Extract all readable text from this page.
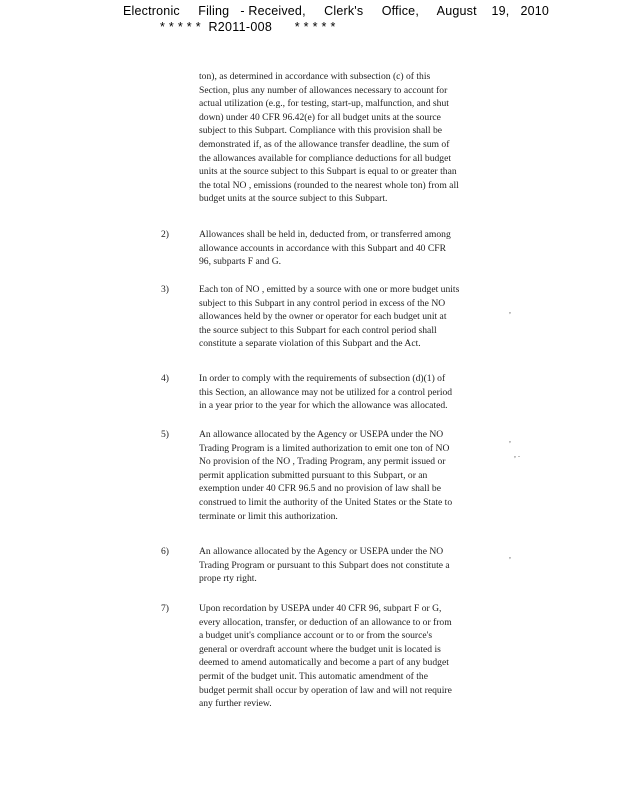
Electronic     Filing   - Received,     Clerk's     Office,     August    19,   2010
* * * * *  R2011-008      * * * * *
ton), as determined in accordance with subsection (c) of this
Section, plus any number of allowances necessary to account for
actual utilization (e.g., for testing, start-up, malfunction, and shut
down) under 40 CFR 96.42(e) for all budget units at the source
subject to this Subpart. Compliance with this provision shall be
demonstrated if, as of the allowance transfer deadline, the sum of
the allowances available for compliance deductions for all budget
units at the source subject to this Subpart is equal to or greater than
the total NO , emissions (rounded to the nearest whole ton) from all
budget units at the source subject to this Subpart.
2)	Allowances shall be held in, deducted from, or transferred among
allowance accounts in accordance with this Subpart and 40 CFR
96, subparts F and G.
3)	Each ton of NO , emitted by a source with one or more budget units
subject to this Subpart in any control period in excess of the NO
allowances held by the owner or operator for each budget unit at
the source subject to this Subpart for each control period shall
constitute a separate violation of this Subpart and the Act.
4)	In order to comply with the requirements of subsection (d)(1) of
this Section, an allowance may not be utilized for a control period
in a year prior to the year for which the allowance was allocated.
5)	An allowance allocated by the Agency or USEPA under the NO
Trading Program is a limited authorization to emit one ton of NO
No provision of the NO , Trading Program, any permit issued or
permit application submitted pursuant to this Subpart, or an
exemption under 40 CFR 96.5 and no provision of law shall be
construed to limit the authority of the United States or the State to
terminate or limit this authorization.
6)	An allowance allocated by the Agency or USEPA under the NO
Trading Program or pursuant to this Subpart does not constitute a
prope rty right.
7)	Upon recordation by USEPA under 40 CFR 96, subpart F or G,
every allocation, transfer, or deduction of an allowance to or from
a budget unit's compliance account or to or from the source's
general or overdraft account where the budget unit is located is
deemed to amend automatically and become a part of any budget
permit of the budget unit. This automatic amendment of the
budget permit shall occur by operation of law and will not require
any further review.
,
,
, .
,
